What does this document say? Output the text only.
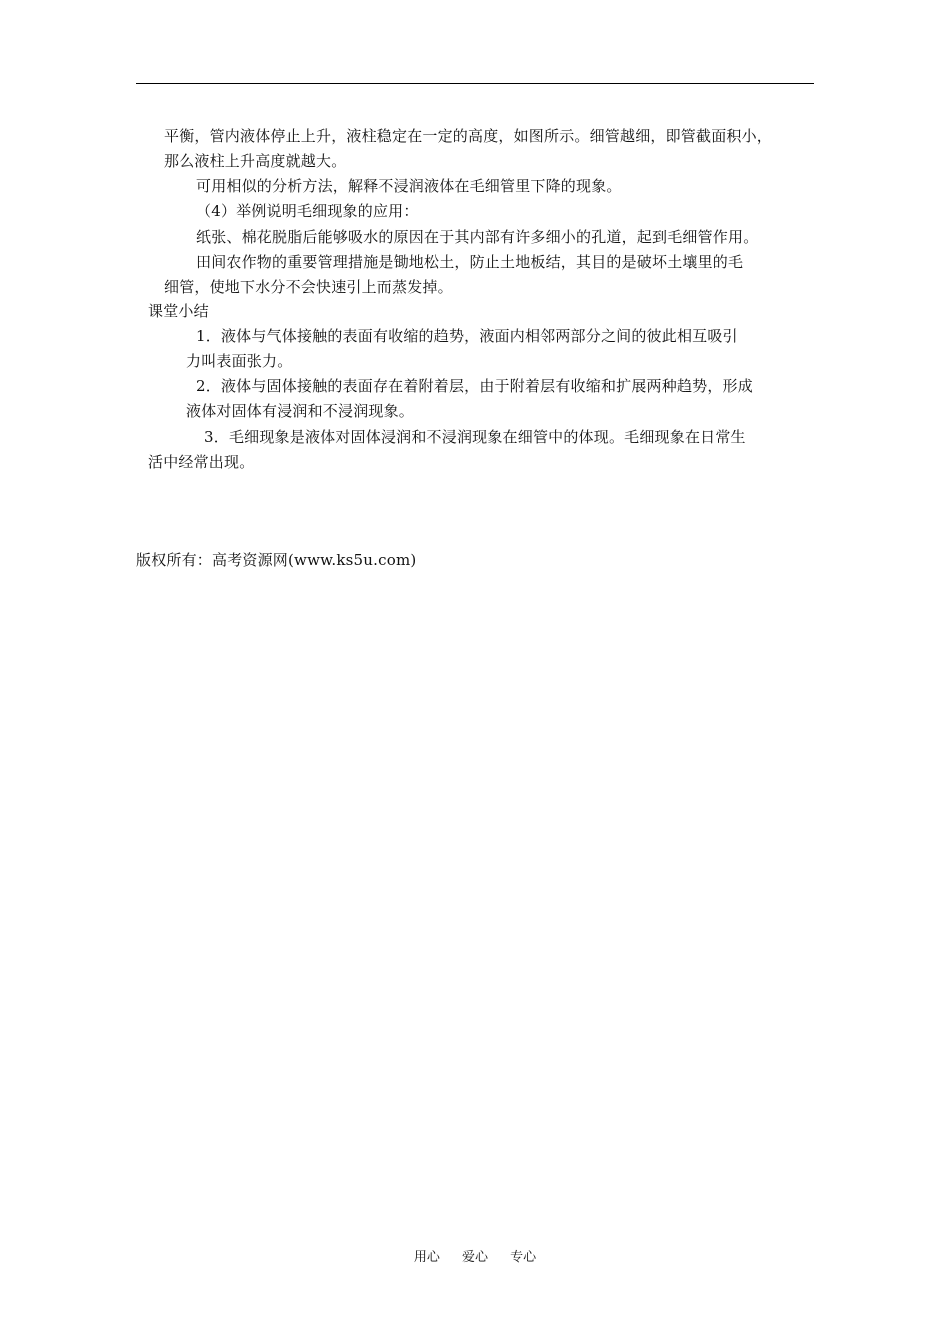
平衡，管内液体停止上升，液柱稳定在一定的高度，如图所示。细管越细，即管截面积小，
那么液柱上升高度就越大。
可用相似的分析方法，解释不浸润液体在毛细管里下降的现象。
（4）举例说明毛细现象的应用：
纸张、棉花脱脂后能够吸水的原因在于其内部有许多细小的孔道，起到毛细管作用。
田间农作物的重要管理措施是锄地松土，防止土地板结，其目的是破坏土壤里的毛
细管，使地下水分不会快速引上而蒸发掉。
课堂小结
1．液体与气体接触的表面有收缩的趋势，液面内相邻两部分之间的彼此相互吸引
力叫表面张力。
2．液体与固体接触的表面存在着附着层，由于附着层有收缩和扩展两种趋势，形成
液体对固体有浸润和不浸润现象。
3．毛细现象是液体对固体浸润和不浸润现象在细管中的体现。毛细现象在日常生
活中经常出现。
版权所有：高考资源网(www.ks5u.com)
用心 爱心 专心
